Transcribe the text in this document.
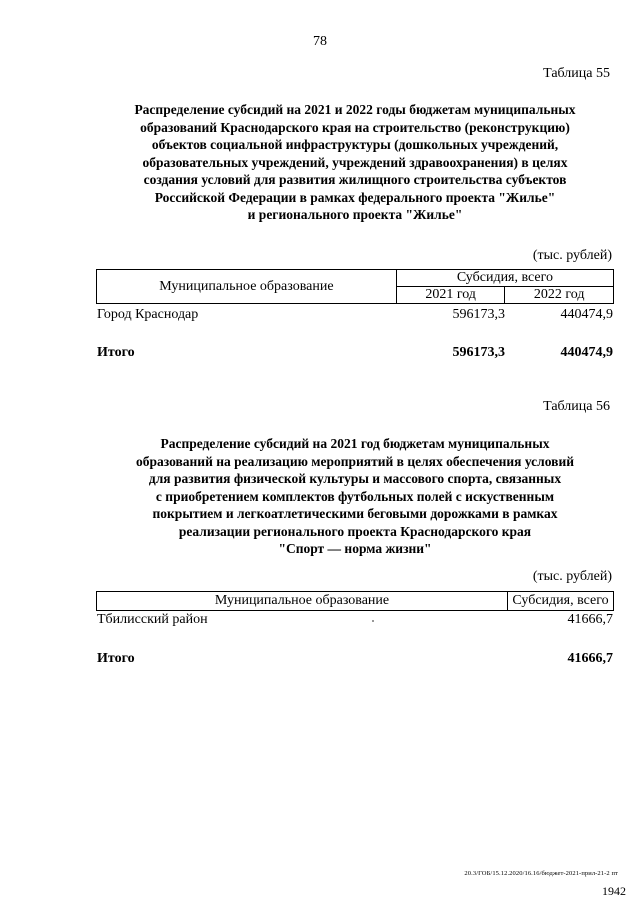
78
Таблица 55
Распределение субсидий на 2021 и 2022 годы бюджетам муниципальных
образований Краснодарского края на строительство (реконструкцию)
объектов социальной инфраструктуры (дошкольных учреждений,
образовательных учреждений, учреждений здравоохранения) в целях
создания условий для развития жилищного строительства субъектов
Российской Федерации в рамках федерального проекта "Жилье"
и регионального проекта "Жилье"
(тыс. рублей)
Муниципальное образование	Субсидия, всего	
	2021 год	2022 год
Город Краснодар	596173,3	440474,9
Итого	596173,3	440474,9
Таблица 56
Распределение субсидий на 2021 год бюджетам муниципальных
образований на реализацию мероприятий в целях обеспечения условий
для развития физической культуры и массового спорта, связанных
с приобретением комплектов футбольных полей с искуственным
покрытием и легкоатлетическими беговыми дорожками в рамках
реализации регионального проекта Краснодарского края
"Спорт — норма жизни"
(тыс. рублей)
Муниципальное образование	Субсидия, всего
Тбилисский район	41666,7
Итого	41666,7
20.3/ГОБ/15.12.2020/16.16/бюджет-2021-прил-21-2 пт
1942
